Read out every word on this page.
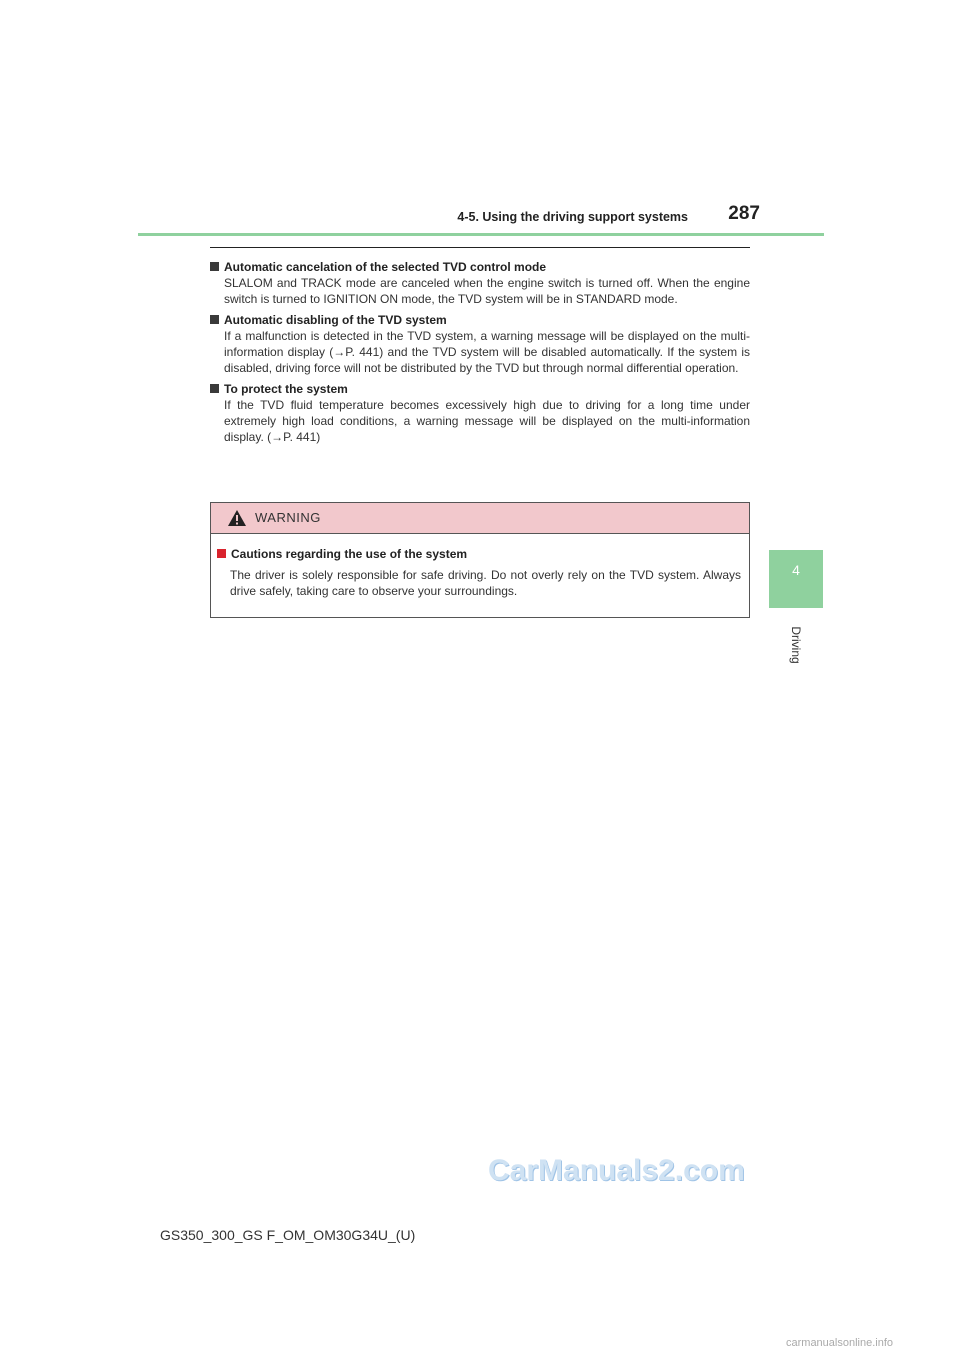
4-5. Using the driving support systems	287
4
Driving
Automatic cancelation of the selected TVD control mode
SLALOM and TRACK mode are canceled when the engine switch is turned off. When the engine switch is turned to IGNITION ON mode, the TVD system will be in STANDARD mode.
Automatic disabling of the TVD system
If a malfunction is detected in the TVD system, a warning message will be displayed on the multi-information display (→P. 441) and the TVD system will be disabled automatically. If the system is disabled, driving force will not be distributed by the TVD but through normal differential operation.
To protect the system
If the TVD fluid temperature becomes excessively high due to driving for a long time under extremely high load conditions, a warning message will be displayed on the multi-information display. (→P. 441)
WARNING
Cautions regarding the use of the system
The driver is solely responsible for safe driving. Do not overly rely on the TVD system. Always drive safely, taking care to observe your surroundings.
CarManuals2.com
GS350_300_GS F_OM_OM30G34U_(U)
carmanualsonline.info
